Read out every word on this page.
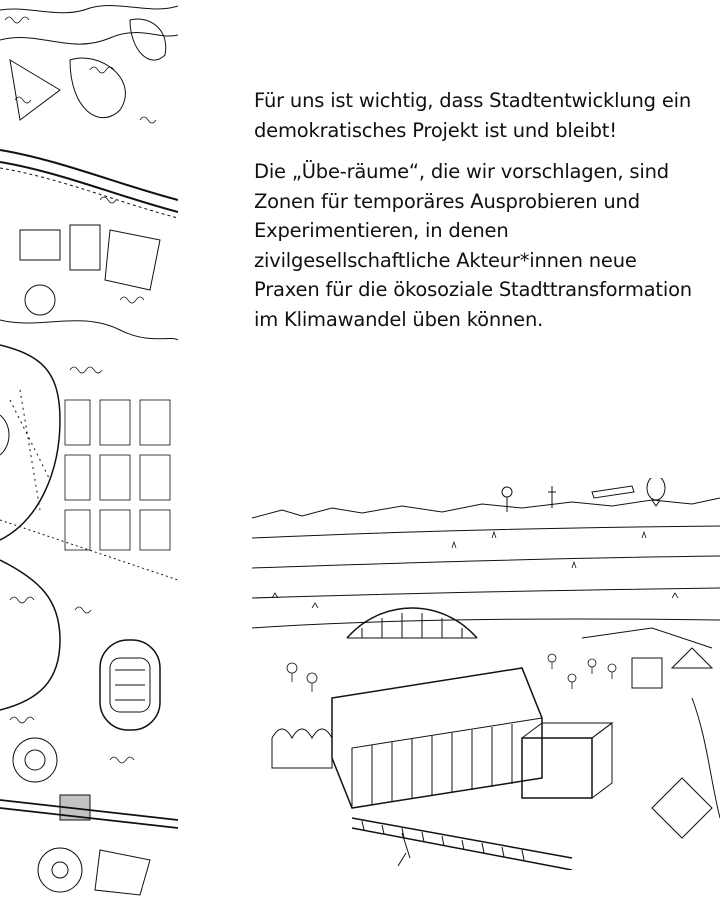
Für uns ist wichtig, dass Stadtentwicklung ein demokratisches Projekt ist und bleibt!

Die „Übe-räume“, die wir vorschlagen, sind Zonen für temporäres Ausprobieren und Experimentieren, in denen zivilgesellschaftliche Akteur*innen neue Praxen für die ökosoziale Stadttransformation im Klimawandel üben können.
